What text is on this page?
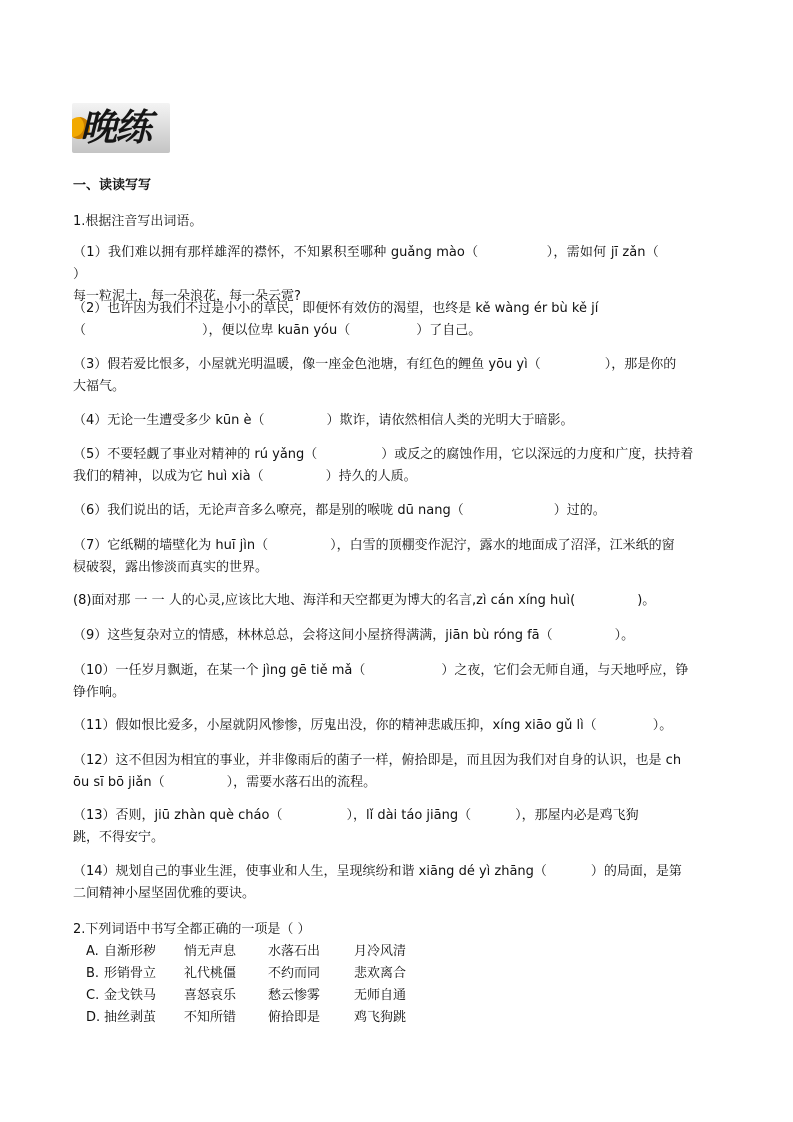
晚练
一、读读写写
1.根据注音写出词语。
（1）我们难以拥有那样雄浑的襟怀，不知累积至哪种 guǎng mào（	），需如何 jī zǎn（）
每一粒泥土，每一朵浪花，每一朵云霓?
（2）也许因为我们不过是小小的草民，即便怀有效仿的渴望，也终是 kě wàng ér bù kě jí
（	），便以位卑 kuān yóu（	）了自己。
（3）假若爱比恨多，小屋就光明温暖，像一座金色池塘，有红色的鲤鱼 yōu yì（	），那是你的
大福气。
（4）无论一生遭受多少 kūn è（	）欺诈，请依然相信人类的光明大于暗影。
（5）不要轻觑了事业对精神的 rú yǎng（	）或反之的腐蚀作用，它以深远的力度和广度，扶持着
我们的精神，以成为它 huì xià（	）持久的人质。
（6）我们说出的话，无论声音多么嘹亮，都是别的喉咙 dū nang（	）过的。
（7）它纸糊的墙壁化为 huī jìn（	），白雪的顶棚变作泥泞，露水的地面成了沼泽，江米纸的窗
棂破裂，露出惨淡而真实的世界。
(8)面对那 一 一 人的心灵,应该比大地、海洋和天空都更为博大的名言,zì cán xíng huì(	)。
（9）这些复杂对立的情感，林林总总，会将这间小屋挤得满满，jiān bù róng fā（	）。
（10）一任岁月飘逝，在某一个 jìng gē tiě mǎ（	）之夜，它们会无师自通，与天地呼应，铮
铮作响。
（11）假如恨比爱多，小屋就阴风惨惨，厉鬼出没，你的精神悲戚压抑，xíng xiāo gǔ lì（	）。
（12）这不但因为相宜的事业，并非像雨后的菌子一样，俯拾即是，而且因为我们对自身的认识，也是 ch
ōu sī bō jiǎn（	），需要水落石出的流程。
（13）否则，jiū zhàn què cháo（	），lǐ dài táo jiāng（	），那屋内必是鸡飞狗
跳，不得安宁。
（14）规划自己的事业生涯，使事业和人生，呈现缤纷和谐 xiāng dé yì zhāng（	）的局面，是第
二间精神小屋坚固优雅的要诀。
2.下列词语中书写全都正确的一项是（ ）
A. 自渐形秽 悄无声息 水落石出	月冷风清
B. 形销骨立 礼代桃僵 不约而同	悲欢离合
C. 金戈铁马 喜怒哀乐 愁云惨雾	无师自通
D. 抽丝剥茧 不知所错 俯拾即是	鸡飞狗跳
